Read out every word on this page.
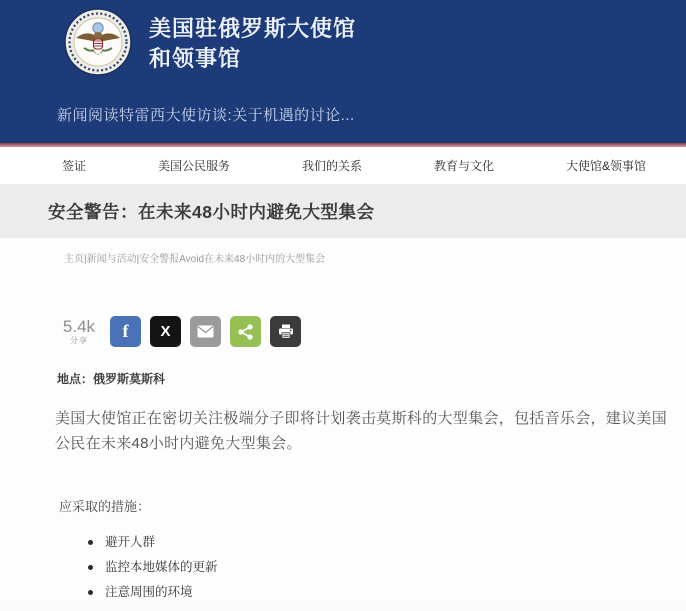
美国驻俄罗斯大使馆
和领事馆
新闻阅读特雷西大使访谈:关于机遇的讨论...
签证	美国公民服务	我们的关系	教育与文化	大使馆&领事馆
安全警告：在未来48小时内避免大型集会
主页|新闻与活动|安全警报Avoid在未来48小时内的大型集会
5.4k
分享	f X
地点：俄罗斯莫斯科

美国大使馆正在密切关注极端分子即将计划袭击莫斯科的大型集会，包括音乐会，建议美国公民在未来48小时内避免大型集会。

应采取的措施：
避开人群
监控本地媒体的更新
注意周围的环境
